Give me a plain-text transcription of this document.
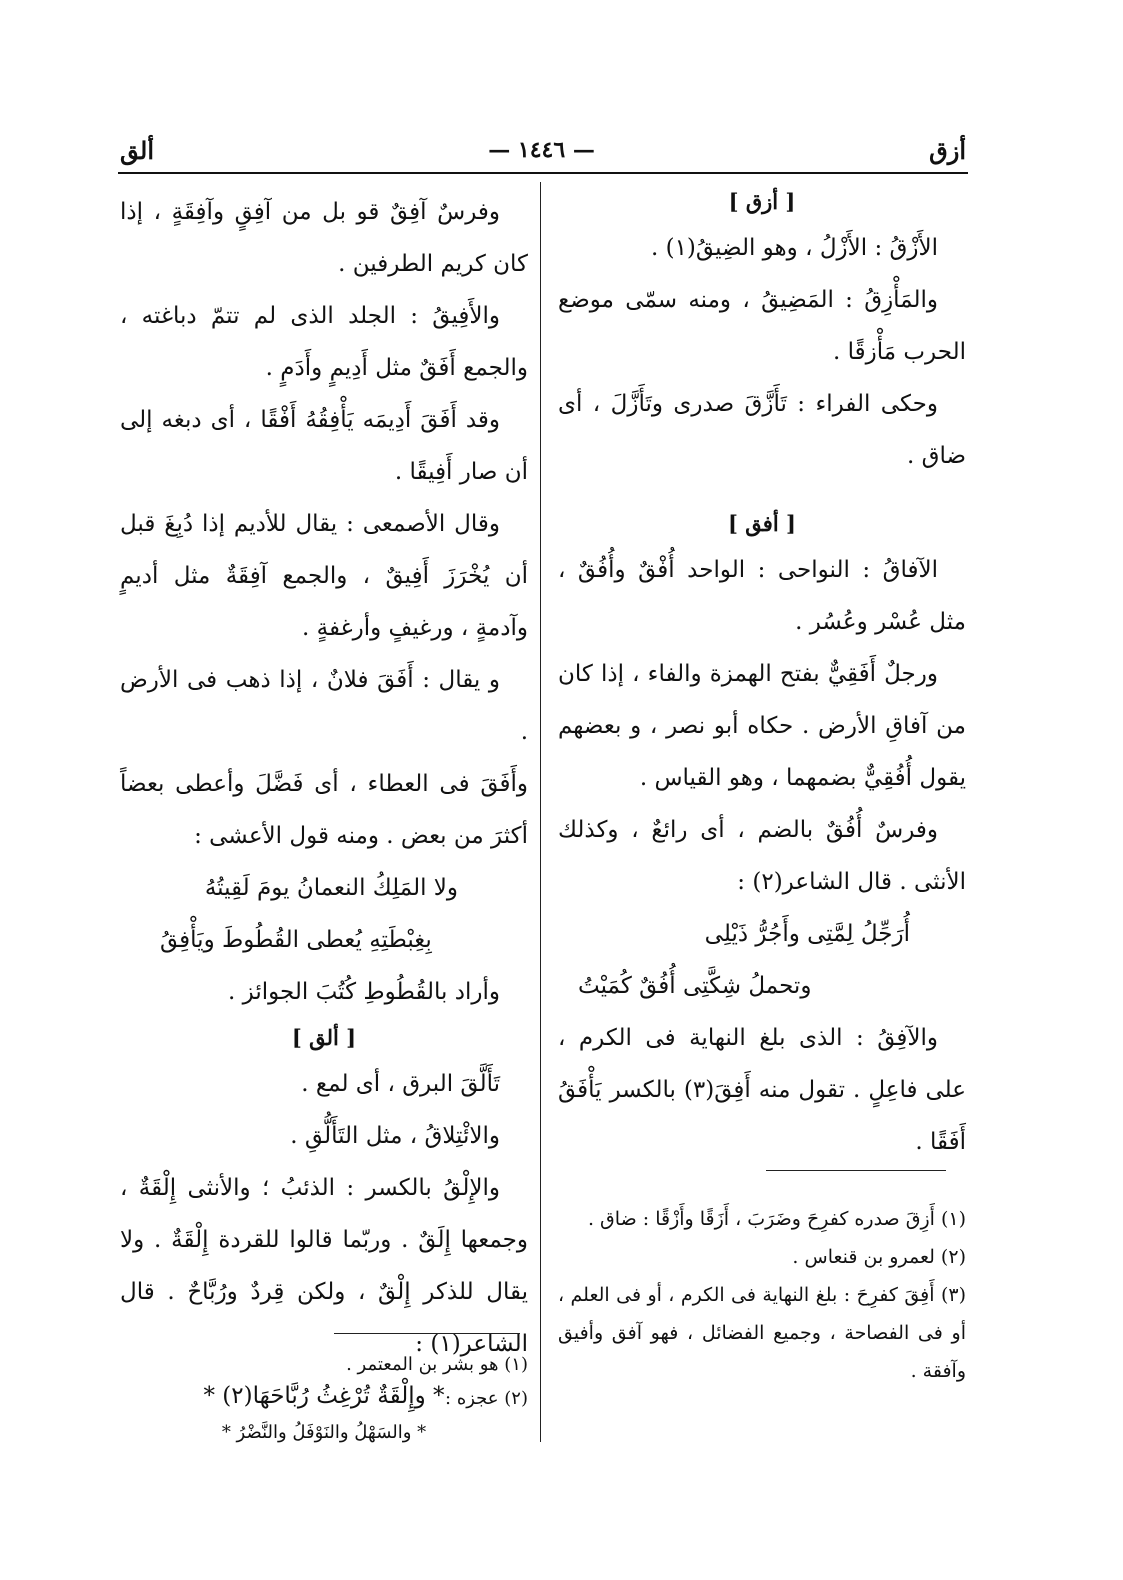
أزق
— ١٤٤٦ —
ألق

[ أزق ]

الأَزْقُ : الأَزْلُ ، وهو الضِيقُ(١) .

والمَأْزِقُ : المَضِيقُ ، ومنه سمّى موضع الحرب مَأْزقًا .

وحكى الفراء : تَأَزَّقَ صدرى وتَأَزَّلَ ، أى ضاق .

[ أفق ]

الآفاقُ : النواحى : الواحد أُفْقٌ وأُفُقٌ ، مثل عُسْر وعُسُر .

ورجلٌ أَفَقِيٌّ بفتح الهمزة والفاء ، إذا كان من آفاقِ الأرض . حكاه أبو نصر ، و بعضهم يقول أُفُقِيٌّ بضمهما ، وهو القياس .

وفرسٌ أُفُقٌ بالضم ، أى رائعٌ ، وكذلك الأنثى . قال الشاعر(٢) :

أُرَجِّلُ لِمَّتِى وأَجُرُّ ذَيْلِى

وتحملُ شِكَّتِى أُفُقٌ كُمَيْتُ

والآفِقُ : الذى بلغ النهاية فى الكرم ، على فاعِلٍ . تقول منه أَفِقَ(٣) بالكسر يَأْفَقُ أَفَقًا .

(١) أَزِقَ صدره كفرِحَ وضَرَبَ ، أَزَقًا وأَزْقًا : ضاق .

(٢) لعمرو بن قنعاس .

(٣) أَفِقَ كفرِحَ : بلغ النهاية فى الكرم ، أو فى العلم ، أو فى الفصاحة ، وجميع الفضائل ، فهو آفق وأفيق وآفقة .

وفرسٌ آفِقٌ قو بل من آفِقٍ وآفِقَةٍ ، إذا كان كريم الطرفين .

والأَفِيقُ : الجلد الذى لم تتمّ دباغته ، والجمع أَفَقٌ مثل أَدِيمٍ وأَدَمٍ .

وقد أَفَقَ أَدِيمَه يَأْفِقُهُ أَفْقًا ، أى دبغه إلى أن صار أَفِيقًا .

وقال الأصمعى : يقال للأديم إذا دُبِغَ قبل أن يُخْرَزَ أَفِيقٌ ، والجمع آفِقَةٌ مثل أديمٍ وآدمةٍ ، ورغيفٍ وأرغفةٍ .

و يقال : أَفَقَ فلانٌ ، إذا ذهب فى الأرض .

وأَفَقَ فى العطاء ، أى فَضَّلَ وأعطى بعضاً أكثرَ من بعض . ومنه قول الأعشى :

ولا المَلِكُ النعمانُ يومَ لَقِيتُهُ

بِغِبْطَتِهِ يُعطى القُطُوطَ ويَأْفِقُ

وأراد بالقُطُوطِ كُتُبَ الجوائز .

[ ألق ]

تَأَلَّقَ البرق ، أى لمع .

والائْتِلاقُ ، مثل التَأَلُّقِ .

والإِلْقُ بالكسر : الذئبُ ؛ والأنثى إِلْقَةٌ ، وجمعها إِلَقٌ . وربّما قالوا للقردة إِلْقَةٌ . ولا يقال للذكر إِلْقٌ ، ولكن قِردٌ ورُبَّاحٌ . قال الشاعر(١) :

* وإِلْقَةٌ تُرْغِثُ رُبَّاحَهَا(٢) *

(١) هو بشر بن المعتمر .

(٢) عجزه :

* والسَهْلُ والنَوْفَلُ والنَّضْرُ *
